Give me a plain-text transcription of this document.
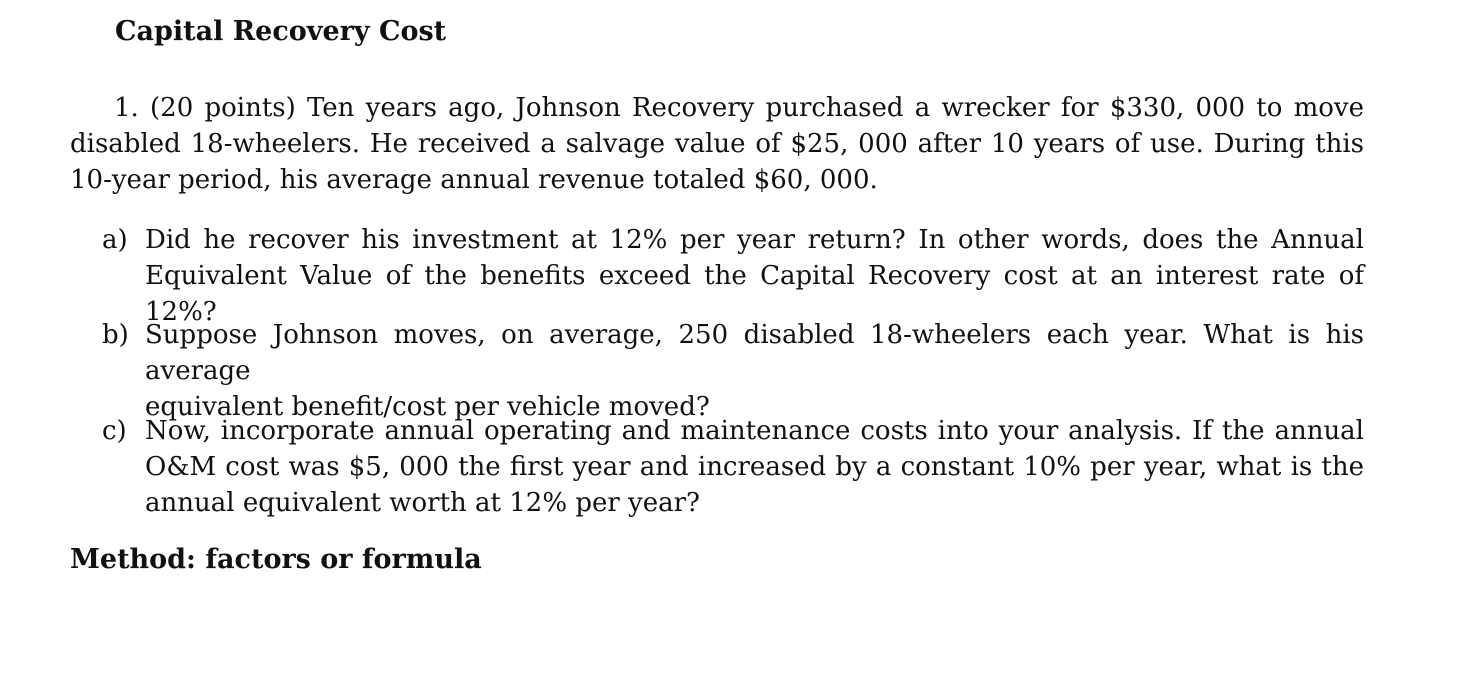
Capital Recovery Cost
1. (20 points) Ten years ago, Johnson Recovery purchased a wrecker for $330, 000 to move
disabled 18-wheelers. He received a salvage value of $25, 000 after 10 years of use. During this
10-year period, his average annual revenue totaled $60, 000.
a) Did he recover his investment at 12% per year return? In other words, does the Annual
Equivalent Value of the benefits exceed the Capital Recovery cost at an interest rate of 12%?
b) Suppose Johnson moves, on average, 250 disabled 18-wheelers each year. What is his average
equivalent benefit/cost per vehicle moved?
c) Now, incorporate annual operating and maintenance costs into your analysis. If the annual
O&M cost was $5, 000 the first year and increased by a constant 10% per year, what is the
annual equivalent worth at 12% per year?
Method: factors or formula
